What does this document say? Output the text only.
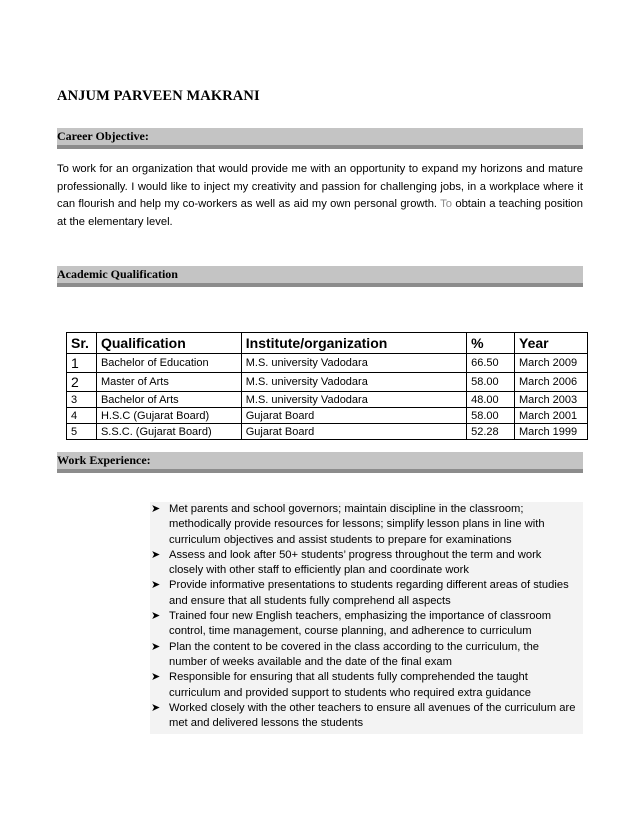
ANJUM PARVEEN MAKRANI
Career Objective:
To work for an organization that would provide me with an opportunity to expand my horizons and mature professionally. I would like to inject my creativity and passion for challenging jobs, in a workplace where it can flourish and help my co-workers as well as aid my own personal growth. To obtain a teaching position at the elementary level.
Academic Qualification
Sr.	Qualification	Institute/organization	%	Year
1	Bachelor of Education	M.S. university Vadodara	66.50	March 2009
2	Master of Arts	M.S. university Vadodara	58.00	March 2006
3	Bachelor of Arts	M.S. university Vadodara	48.00	March 2003
4	H.S.C (Gujarat Board)	Gujarat Board	58.00	March 2001
5	S.S.C. (Gujarat Board)	Gujarat Board	52.28	March 1999
Work Experience:
➤ Met parents and school governors; maintain discipline in the classroom; methodically provide resources for lessons; simplify lesson plans in line with curriculum objectives and assist students to prepare for examinations
➤ Assess and look after 50+ students’ progress throughout the term and work closely with other staff to efficiently plan and coordinate work
➤ Provide informative presentations to students regarding different areas of studies and ensure that all students fully comprehend all aspects
➤ Trained four new English teachers, emphasizing the importance of classroom control, time management, course planning, and adherence to curriculum
➤ Plan the content to be covered in the class according to the curriculum, the number of weeks available and the date of the final exam
➤ Responsible for ensuring that all students fully comprehended the taught curriculum and provided support to students who required extra guidance
➤ Worked closely with the other teachers to ensure all avenues of the curriculum are met and delivered lessons the students
